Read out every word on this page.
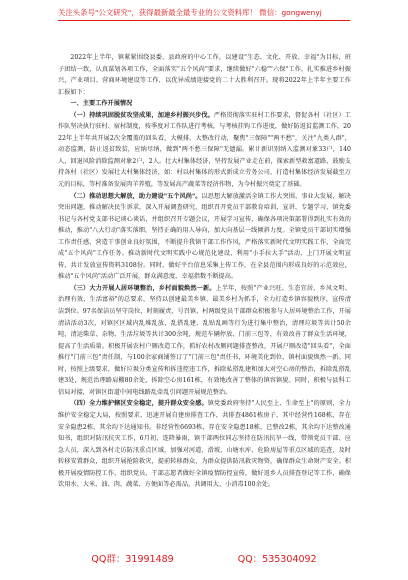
关注头条号"公文研究"，获得最新最全最专业的公文资料库！ 微信：gongwenyj

2022年上半年，镇紧紧围绕县委、县政府的中心工作，以建设"生态、文化、开放、幸福"为目标，班子团结一致，认真谋划各项工作，全面落实"五个风尚"要求，继续做好"六稳""六保"工作，扎实推进乡村振兴，产业项目、营商环境建设等工作，以优异成绩迎接党的二十大胜利召开。现将2022年上半年主要工作汇报如下：

一、主要工作开展情况

（一）持续巩固脱贫攻坚成果，加速乡村振兴步伐。严格贯彻落实驻村工作要求，督促各村（社区）工作队坚决执行驻村、宿村制度，按季度对工作队进行考核，与考核挂钩工作进度，做好防返贫监测工作，2022年上半年共开展2次全覆盖的回头看，大模排、大整改行动，聚焦"三保障""两不愁"，关注"九类人群"，动态监测，防止返贫致贫，应纳尽纳，做到"两不愁三保障"无遗漏。累计新识别纳入监测对象33户，140人，回退风险消除监测对象2户，2人。壮大村集体经济，坚持发展产业走在前，探索新型救富道路，鼓励支持各村（社区）发展壮大村集体经济，如：村以村集体的形式新成立劳务公司，打造村集体经济发展截至万元的目标，等村准备发展肉羊养殖，等发展高产蔬菜等经济作物，为今村振兴奠定了基础。

（二）推动思想大解放，助力建设"五个风尚"。以思想大解放激活全镇工作大突围、事业大发展，解决突出问题，推动解决民生诉求，深入开展调查研究，组织召开党员干部教育培训、宣讲、专题学习，镇党委书记与各村党支部书记谈心谈话，并组织召开专题会议，开展学习宣传，确保各项决策部署得到扎实有效的推动，推动"八大行动"落实落细，坚持正确的用人导向，加大向基层一线倾斜力度。全镇党员干部切实增强工作责任感，营造干事创业良好氛围，不断提升我镇干部工作作风，严格落实新时代文明实践工作，全面完成"五个风尚"工作任务。推动新时代文明实践中心规范化建设，利用"小手拉大手"活动，上门开展文明宣传，共计发放宣传资料3108份。同时，做好平台信息采集上传工作，在全县范围内形成良好的示范效应，推动"五个风尚"活动广泛开展，群众满意度、幸福指数不断提高。

（三）大力开展人居环境整治，乡村面貌焕然一新。上半年，按照"产业兴旺、生态宜居、乡风文明、治理有效、生活富裕"的总要求，坚持以创建最美乡镇、最美乡村为抓手，全力打造乡镇容貌秩序，宣传清洁到位。97名保洁员坚守岗位，时刻履责，号召镇、村两级党员干部群众积极参与人居环境整治工作，开展清洁活动3次，对镇区区域内乱堆乱放、乱搭乱建、乱贴乱画等行为进行集中整治，清理垃圾等共计50余吨，清运柴草、杂物、生活垃圾等共计300余吨，规范车辆停放、门前三包等，有效改善了群众生活环境，提高了生活质量。积极开展农村户厕改造工作，抓好农村改厕问题排查整改，开展户厕改造"回头看"，全面推行"门前三包"责任制，与100余家商铺签订了"门前三包"责任书，环境美化到位，镇村面貌焕然一新。同时，按照上级要求，做好垃圾分类宣传和拆违控违工作，拆除私搭乱建和加大对空心房的整治，拆除乱搭乱建3处，规范治理路肩棚80余处，拆除空心房161栋，有效地改善了整体的镇容镇貌。同时，积极与县科工信局对接，对镇区街道中间电线路乱牵乱引问题开展规范整治。

（四）全力维护辖区安全稳定，提升群众安全感。镇党委政府坚持"人民至上、生命至上"的原则，全力维护安全稳定大局，按照要求，迅速开展自建房排查工作，共排查4861栋房子，其中经营性168栋，存在安全隐患2栋，其余均下达通知书。非经营性6693栋，存在安全隐患18栋，已整改2栋，其余均下达整改通知书，组织对防汛抗灾工作，6月初，连降暴雨，镇干部两位同志坚持在防汛抗旱一线，带领党员干部、应急人员，深入到各村走访防汛重点区域，加强对河道、滑坡、山塘水库、危险房屋等重点区域的巡查，及时转移安置群众，组织开展抢险救灾，提前转移群众，为群众提供防汛救灾物资，确保群众生命财产安全。积极开展疫情防控工作，组织党员、干部志愿者做好全镇疫情防控宣传，做好返乡人员排查登记等工作，确保饮用水、大米、油、肉、蔬菜、方便面等必需品，共调用大、小消毒100余处。

QQ群：31991489	QQ：535304092
